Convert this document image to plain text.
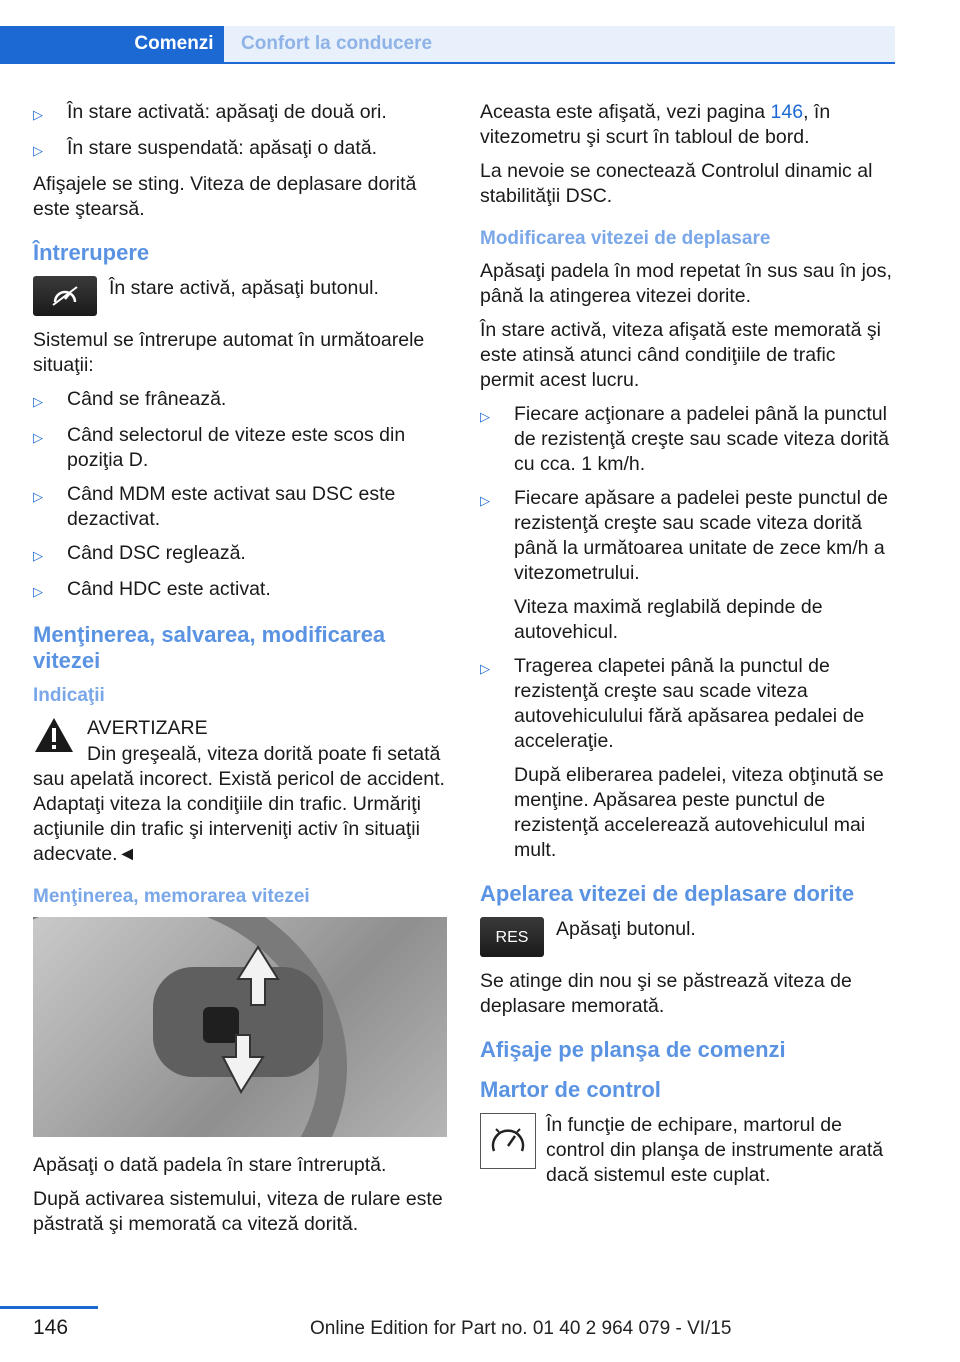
Comenzi	Confort la conducere
▷	În stare activată: apăsaţi de două ori.
▷	În stare suspendată: apăsaţi o dată.

Afişajele se sting. Viteza de deplasare dorită este ştearsă.

Întrerupere
În stare activă, apăsaţi butonul.

Sistemul se întrerupe automat în următoarele situaţii:

▷	Când se frânează.
▷	Când selectorul de viteze este scos din poziţia D.
▷	Când MDM este activat sau DSC este dezactivat.
▷	Când DSC reglează.
▷	Când HDC este activat.
Menţinerea, salvarea, modificarea vitezei
Indicaţii
AVERTIZARE

Din greşeală, viteza dorită poate fi setată sau apelată incorect. Există pericol de accident. Adaptaţi viteza la condiţiile din trafic. Urmăriţi acţiunile din trafic şi interveniţi activ în situaţii adecvate.◄

Menţinerea, memorarea vitezei

Apăsaţi o dată padela în stare întreruptă.

După activarea sistemului, viteza de rulare este păstrată şi memorată ca viteză dorită.

Aceasta este afişată, vezi pagina 146, în vitezometru şi scurt în tabloul de bord.

La nevoie se conectează Controlul dinamic al stabilităţii DSC.

Modificarea vitezei de deplasare

Apăsaţi padela în mod repetat în sus sau în jos, până la atingerea vitezei dorite.

În stare activă, viteza afişată este memorată şi este atinsă atunci când condiţiile de trafic permit acest lucru.

▷	Fiecare acţionare a padelei până la punctul de rezistenţă creşte sau scade viteza dorită cu cca. 1 km/h.
▷	Fiecare apăsare a padelei peste punctul de rezistenţă creşte sau scade viteza dorită până la următoarea unitate de zece km/h a vitezometrului.

Viteza maximă reglabilă depinde de autovehicul.

▷	Tragerea clapetei până la punctul de rezistenţă creşte sau scade viteza autovehiculului fără apăsarea pedalei de acceleraţie.

După eliberarea padelei, viteza obţinută se menţine. Apăsarea peste punctul de rezistenţă accelerează autovehiculul mai mult.

Apelarea vitezei de deplasare dorite
RES	Apăsaţi butonul.

Se atinge din nou şi se păstrează viteza de deplasare memorată.

Afişaje pe planşa de comenzi
Martor de control
În funcţie de echipare, martorul de control din planşa de instrumente arată dacă sistemul este cuplat.
146	Online Edition for Part no. 01 40 2 964 079 - VI/15
